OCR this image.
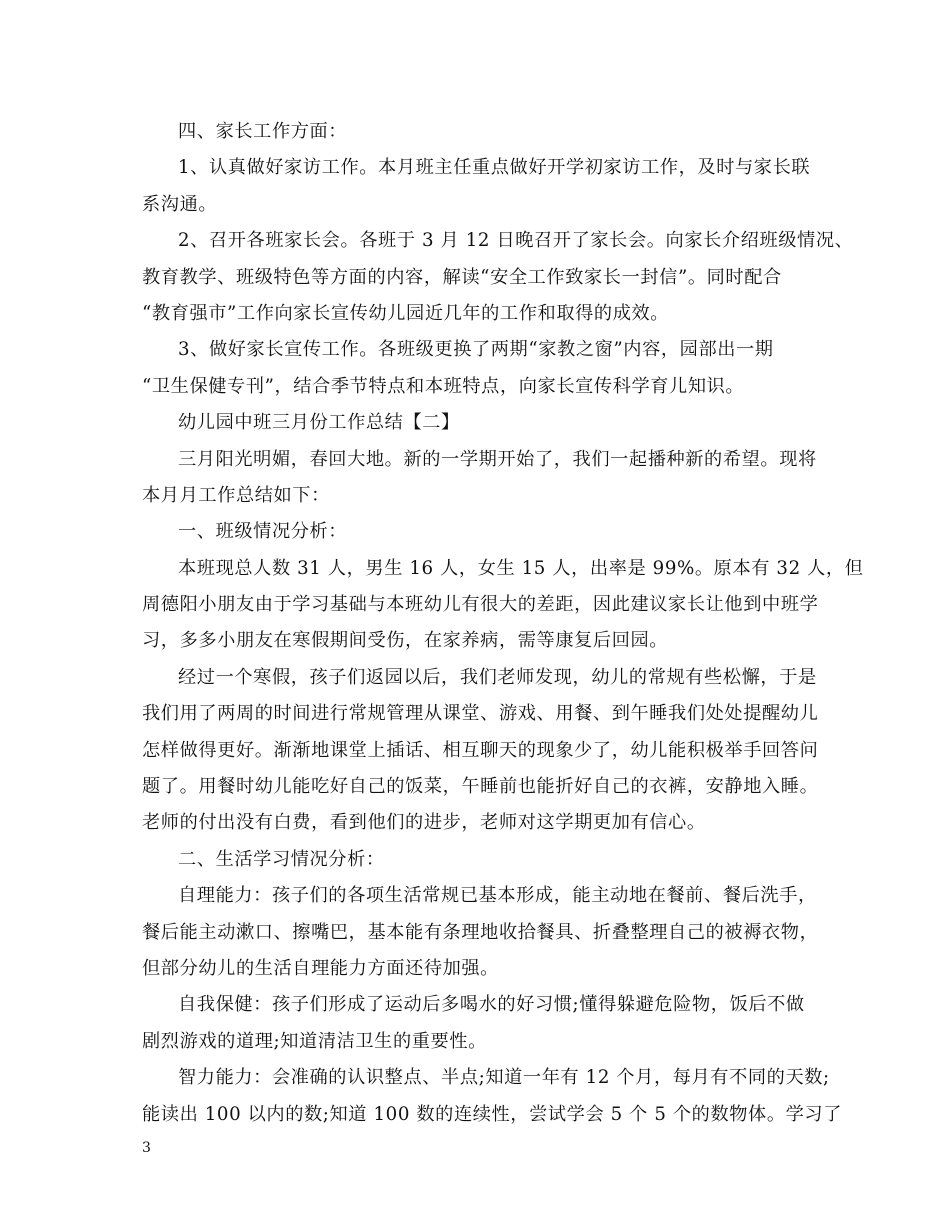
四、家长工作方面：
1、认真做好家访工作。本月班主任重点做好开学初家访工作，及时与家长联
系沟通。
2、召开各班家长会。各班于 3 月 12 日晚召开了家长会。向家长介绍班级情况、
教育教学、班级特色等方面的内容，解读“安全工作致家长一封信”。同时配合
“教育强市”工作向家长宣传幼儿园近几年的工作和取得的成效。
3、做好家长宣传工作。各班级更换了两期“家教之窗”内容，园部出一期
“卫生保健专刊”，结合季节特点和本班特点，向家长宣传科学育儿知识。
幼儿园中班三月份工作总结【二】
三月阳光明媚，春回大地。新的一学期开始了，我们一起播种新的希望。现将
本月月工作总结如下：
一、班级情况分析：
本班现总人数 31 人，男生 16 人，女生 15 人，出率是 99%。原本有 32 人，但
周德阳小朋友由于学习基础与本班幼儿有很大的差距，因此建议家长让他到中班学
习，多多小朋友在寒假期间受伤，在家养病，需等康复后回园。
经过一个寒假，孩子们返园以后，我们老师发现，幼儿的常规有些松懈，于是
我们用了两周的时间进行常规管理从课堂、游戏、用餐、到午睡我们处处提醒幼儿
怎样做得更好。渐渐地课堂上插话、相互聊天的现象少了，幼儿能积极举手回答问
题了。用餐时幼儿能吃好自己的饭菜，午睡前也能折好自己的衣裤，安静地入睡。
老师的付出没有白费，看到他们的进步，老师对这学期更加有信心。
二、生活学习情况分析：
自理能力：孩子们的各项生活常规已基本形成，能主动地在餐前、餐后洗手，
餐后能主动漱口、擦嘴巴，基本能有条理地收拾餐具、折叠整理自己的被褥衣物，
但部分幼儿的生活自理能力方面还待加强。
自我保健：孩子们形成了运动后多喝水的好习惯;懂得躲避危险物，饭后不做
剧烈游戏的道理;知道清洁卫生的重要性。
智力能力：会准确的认识整点、半点;知道一年有 12 个月，每月有不同的天数;
能读出 100 以内的数;知道 100 数的连续性，尝试学会 5 个 5 个的数物体。学习了
3
